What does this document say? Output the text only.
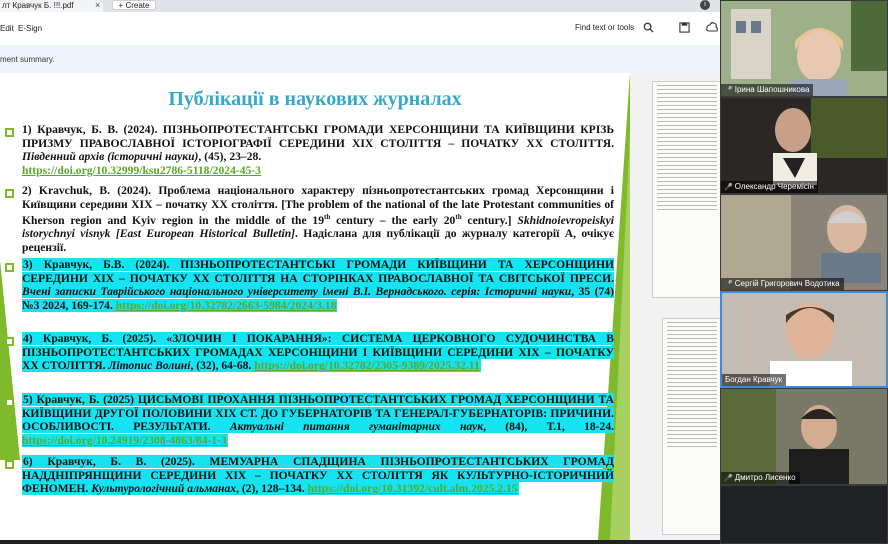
лт Кравчук Б. !!!.pdf ×	+ Create	i
Edit E-Sign	Find text or tools
ment summary.
Публікації в наукових журналах
1) Кравчук, Б. В. (2024). ПІЗНЬОПРОТЕСТАНТСЬКІ ГРОМАДИ ХЕРСОНЩИНИ ТА КИЇВЩИНИ КРІЗЬ ПРИЗМУ ПРАВОСЛАВНОЇ ІСТОРІОГРАФІЇ СЕРЕДИНИ ХІХ СТОЛІТТЯ – ПОЧАТКУ ХХ СТОЛІТТЯ. Південний архів (історичні науки), (45), 23–28.
https://doi.org/10.32999/ksu2786-5118/2024-45-3
2) Kravchuk, B. (2024). Проблема національного характеру пізньопротестантських громад Херсонщини і Київщини середини ХІХ – початку ХХ століття. [The problem of the national of the late Protestant communities of Kherson region and Kyiv region in the middle of the 19th century – the early 20th century.] Skhidnoievropeiskyi istorychnyi visnyk [East European Historical Bulletin]. Надіслана для публікації до журналу категорії А, очікує рецензії.
3) Кравчук, Б.В. (2024). ПІЗНЬОПРОТЕСТАНТСЬКІ ГРОМАДИ КИЇВЩИНИ ТА ХЕРСОНЩИНИ СЕРЕДИНИ ХІХ – ПОЧАТКУ ХХ СТОЛІТТЯ НА СТОРІНКАХ ПРАВОСЛАВНОЇ ТА СВІТСЬКОЇ ПРЕСИ. Вчені записки Таврійського національного університету імені В.І. Вернадського. серія: Історичні науки, 35 (74) №3 2024, 169-174. https://doi.org/10.32782/2663-5984/2024/3.18
4) Кравчук, Б. (2025). «ЗЛОЧИН І ПОКАРАННЯ»: СИСТЕМА ЦЕРКОВНОГО СУДОЧИНСТВА В ПІЗНЬОПРОТЕСТАНТСЬКИХ ГРОМАДАХ ХЕРСОНЩИНИ І КИЇВЩИНИ СЕРЕДИНИ ХІХ – ПОЧАТКУ ХХ СТОЛІТТЯ. Літопис Волині, (32), 64-68. https://doi.org/10.32782/2305-9389/2025.32.11
5) Кравчук, Б. (2025) ЦИСЬМОВІ ПРОХАННЯ ПІЗНЬОПРОТЕСТАНТСЬКИХ ГРОМАД ХЕРСОНЩИНИ ТА КИЇВЩИНИ ДРУГОЇ ПОЛОВИНИ ХІХ СТ. ДО ГУБЕРНАТОРІВ ТА ГЕНЕРАЛ-ГУБЕРНАТОРІВ: ПРИЧИНИ. ОСОБЛИВОСТІ. РЕЗУЛЬТАТИ. Актуальні питання гуманітарних наук, (84), Т.1, 18-24. https://doi.org/10.24919/2308-4863/84-1-3
6) Кравчук, Б. В. (2025). МЕМУАРНА СПАДЩИНА ПІЗНЬОПРОТЕСТАНТСЬКИХ ГРОМАД НАДДНІПРЯНЩИНИ СЕРЕДИНИ ХІХ – ПОЧАТКУ ХХ СТОЛІТТЯ ЯК КУЛЬТУРНО-ІСТОРИЧНИЙ ФЕНОМЕН. Культурологічний альманах, (2), 128–134. https://doi.org/10.31392/cult.alm.2025.2.15
🎤 Ірина Шапошникова
🎤 Олександр Черемісін
🎤 Сергій Григорович Водотика
Богдан Кравчук
🎤 Дмитро Лисенко
